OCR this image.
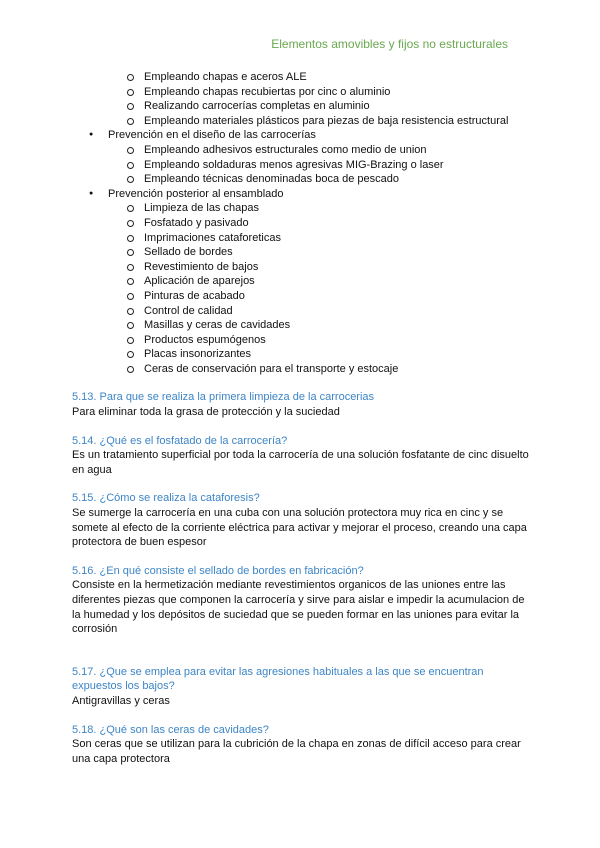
Elementos amovibles y fijos no estructurales
Empleando chapas e aceros ALE
Empleando chapas recubiertas por cinc o aluminio
Realizando carrocerías completas en aluminio
Empleando materiales plásticos para piezas de baja resistencia estructural
● Prevención en el diseño de las carrocerías
Empleando adhesivos estructurales como medio de union
Empleando soldaduras menos agresivas MIG-Brazing o laser
Empleando técnicas denominadas boca de pescado
● Prevención posterior al ensamblado
Limpieza de las chapas
Fosfatado y pasivado
Imprimaciones cataforeticas
Sellado de bordes
Revestimiento de bajos
Aplicación de aparejos
Pinturas de acabado
Control de calidad
Masillas y ceras de cavidades
Productos espumógenos
Placas insonorizantes
Ceras de conservación para el transporte y estocaje
5.13. Para que se realiza la primera limpieza de la carrocerias
Para eliminar toda la grasa de protección y la suciedad
5.14. ¿Qué es el fosfatado de la carrocería?
Es un tratamiento superficial por toda la carrocería de una solución fosfatante de cinc disuelto en agua
5.15. ¿Cómo se realiza la cataforesis?
Se sumerge la carrocería en una cuba con una solución protectora muy rica en cinc y se somete al efecto de la corriente eléctrica para activar y mejorar el proceso, creando una capa protectora de buen espesor
5.16. ¿En qué consiste el sellado de bordes en fabricación?
Consiste en la hermetización mediante revestimientos organicos de las uniones entre las diferentes piezas que componen la carrocería y sirve para aislar e impedir la acumulacion de la humedad y los depósitos de suciedad que se pueden formar en las uniones para evitar la corrosión
5.17. ¿Que se emplea para evitar las agresiones habituales a las que se encuentran expuestos los bajos?
Antigravillas y ceras
5.18. ¿Qué son las ceras de cavidades?
Son ceras que se utilizan para la cubrición de la chapa en zonas de difícil acceso para crear una capa protectora
